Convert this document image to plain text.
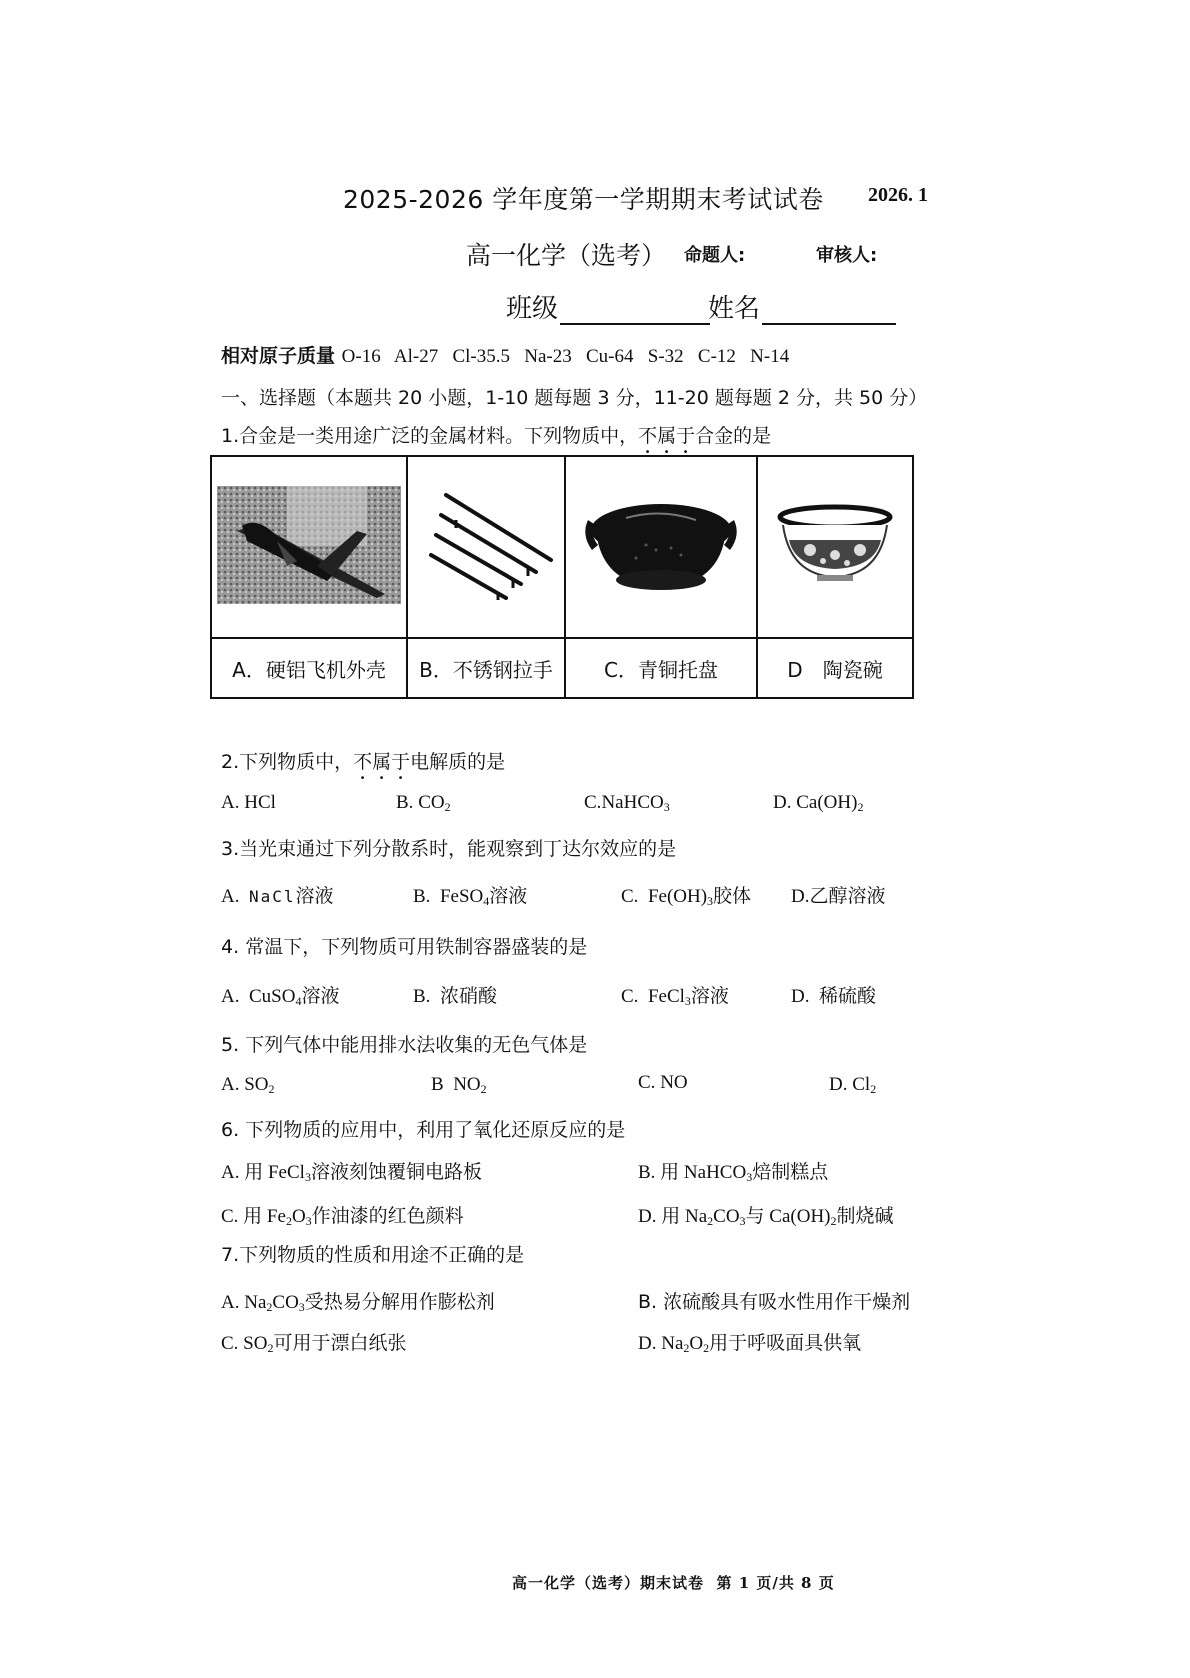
2025-2026 学年度第一学期期末考试试卷 2026. 1
高一化学（选考） 命题人:	审核人:
班级	姓名
相对原子质量 O-16 Al-27 Cl-35.5 Na-23 Cu-64 S-32 C-12 N-14
一、选择题（本题共 20 小题，1-10 题每题 3 分，11-20 题每题 2 分，共 50 分）
1.合金是一类用途广泛的金属材料。下列物质中，不属于合金的是

A．硬铝飞机外壳	B．不锈钢拉手	C．青铜托盘	D　陶瓷碗
2.下列物质中，不属于电解质的是
A. HCl	B. $CO_2$	C.NaHCO$_3$	D. $Ca(OH)_2$
3.当光束通过下列分散系时，能观察到丁达尔效应的是
A. NaCl溶液	B. FeSO$_4$溶液	C. $Fe(OH)_3$胶体 D.乙醇溶液
4. 常温下，下列物质可用铁制容器盛装的是
A. CuSO$_4$溶液	B. 浓硝酸	C. FeCl$_3$溶液	D. 稀硫酸
5. 下列气体中能用排水法收集的无色气体是
A. $SO_2$	B $NO_2$	C. NO	D. $Cl_2$
6. 下列物质的应用中，利用了氧化还原反应的是
A. 用 FeCl$_3$溶液刻蚀覆铜电路板	B. 用 NaHCO$_3$焙制糕点
C. 用 $Fe_2O_3$作油漆的红色颜料	D. 用 $Na_2CO_3$与 $Ca(OH)_2$制烧碱
7.下列物质的性质和用途不正确的是
A. $Na_2CO_3$受热易分解用作膨松剂	B. 浓硫酸具有吸水性用作干燥剂
C. $SO_2$可用于漂白纸张	D. $Na_2O_2$用于呼吸面具供氧
高一化学（选考）期末试卷 第 1 页/共 8 页
